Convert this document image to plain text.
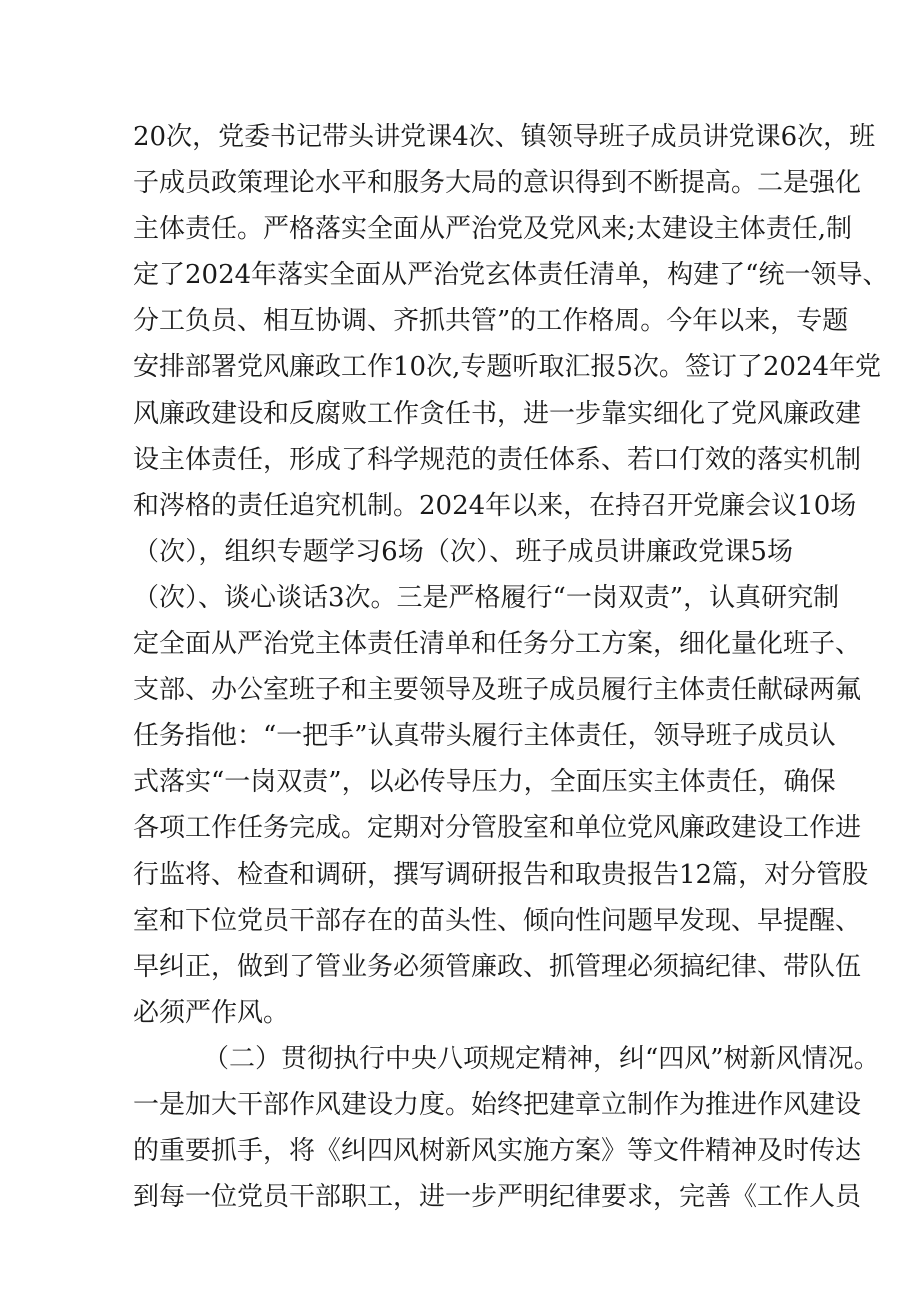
20次，党委书记带头讲党课4次、镇领导班子成员讲党课6次，班
子成员政策理论水平和服务大局的意识得到不断提高。二是强化
主体责任。严格落实全面从严治党及党风来;太建设主体责任,制
定了2024年落实全面从严治党玄体责任清单，构建了“统一领导、
分工负员、相互协调、齐抓共管”的工作格周。今年以来，专题
安排部署党风廉政工作10次,专题听取汇报5次。签订了2024年党
风廉政建设和反腐败工作贪任书，进一步靠实细化了党风廉政建
设主体责任，形成了科学规范的责任体系、若口仃效的落实机制
和涔格的责任追究机制。2024年以来，在持召开党廉会议10场
（次），组织专题学习6场（次）、班子成员讲廉政党课5场
（次）、谈心谈话3次。三是严格履行“一岗双责”，认真研究制
定全面从严治党主体责任清单和任务分工方案，细化量化班子、
支部、办公室班子和主要领导及班子成员履行主体责任献碌两氟
任务指他：“一把手”认真带头履行主体责任，领导班子成员认
式落实“一岗双责”，以必传导压力，全面压实主体责任，确保
各项工作任务完成。定期对分管股室和单位党风廉政建设工作进
行监将、检查和调研，撰写调研报告和取贵报告12篇，对分管股
室和下位党员干部存在的苗头性、倾向性问题早发现、早提醒、
早纠正，做到了管业务必须管廉政、抓管理必须搞纪律、带队伍
必须严作风。
（二）贯彻执行中央八项规定精神，纠“四风”树新风情况。
一是加大干部作风建设力度。始终把建章立制作为推进作风建设
的重要抓手，将《纠四风树新风实施方案》等文件精神及时传达
到每一位党员干部职工，进一步严明纪律要求，完善《工作人员
